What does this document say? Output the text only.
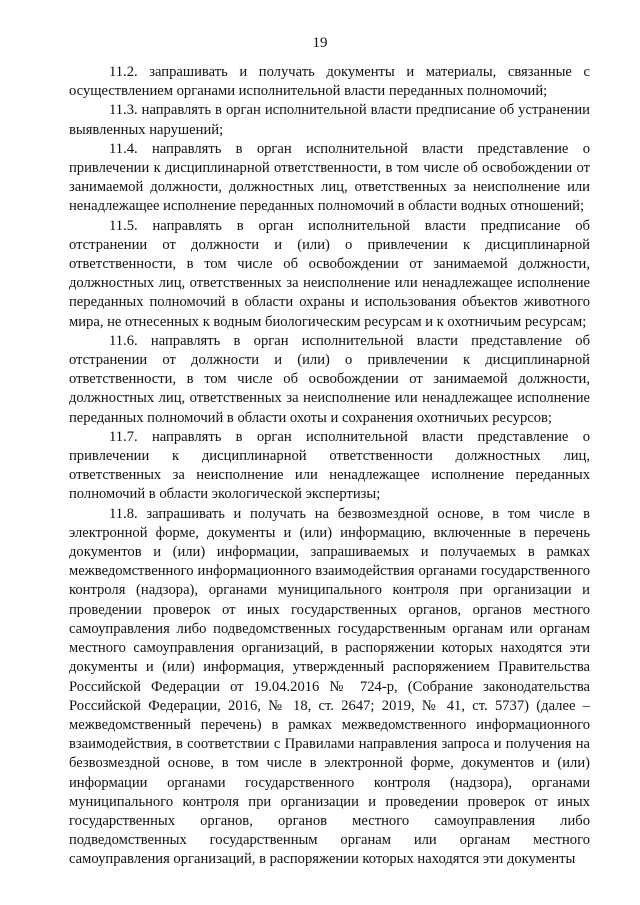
19

11.2. запрашивать и получать документы и материалы, связанные с осуществлением органами исполнительной власти переданных полномочий;

11.3. направлять в орган исполнительной власти предписание об устранении выявленных нарушений;

11.4. направлять в орган исполнительной власти представление о привлечении к дисциплинарной ответственности, в том числе об освобождении от занимаемой должности, должностных лиц, ответственных за неисполнение или ненадлежащее исполнение переданных полномочий в области водных отношений;

11.5. направлять в орган исполнительной власти предписание об отстранении от должности и (или) о привлечении к дисциплинарной ответственности, в том числе об освобождении от занимаемой должности, должностных лиц, ответственных за неисполнение или ненадлежащее исполнение переданных полномочий в области охраны и использования объектов животного мира, не отнесенных к водным биологическим ресурсам и к охотничьим ресурсам;

11.6. направлять в орган исполнительной власти представление об отстранении от должности и (или) о привлечении к дисциплинарной ответственности, в том числе об освобождении от занимаемой должности, должностных лиц, ответственных за неисполнение или ненадлежащее исполнение переданных полномочий в области охоты и сохранения охотничьих ресурсов;

11.7. направлять в орган исполнительной власти представление о привлечении к дисциплинарной ответственности должностных лиц, ответственных за неисполнение или ненадлежащее исполнение переданных полномочий в области экологической экспертизы;

11.8. запрашивать и получать на безвозмездной основе, в том числе в электронной форме, документы и (или) информацию, включенные в перечень документов и (или) информации, запрашиваемых и получаемых в рамках межведомственного информационного взаимодействия органами государственного контроля (надзора), органами муниципального контроля при организации и проведении проверок от иных государственных органов, органов местного самоуправления либо подведомственных государственным органам или органам местного самоуправления организаций, в распоряжении которых находятся эти документы и (или) информация, утвержденный распоряжением Правительства Российской Федерации от 19.04.2016 № 724-р, (Собрание законодательства Российской Федерации, 2016, № 18, ст. 2647; 2019, № 41, ст. 5737) (далее – межведомственный перечень) в рамках межведомственного информационного взаимодействия, в соответствии с Правилами направления запроса и получения на безвозмездной основе, в том числе в электронной форме, документов и (или) информации органами государственного контроля (надзора), органами муниципального контроля при организации и проведении проверок от иных государственных органов, органов местного самоуправления либо подведомственных государственным органам или органам местного самоуправления организаций, в распоряжении которых находятся эти документы
